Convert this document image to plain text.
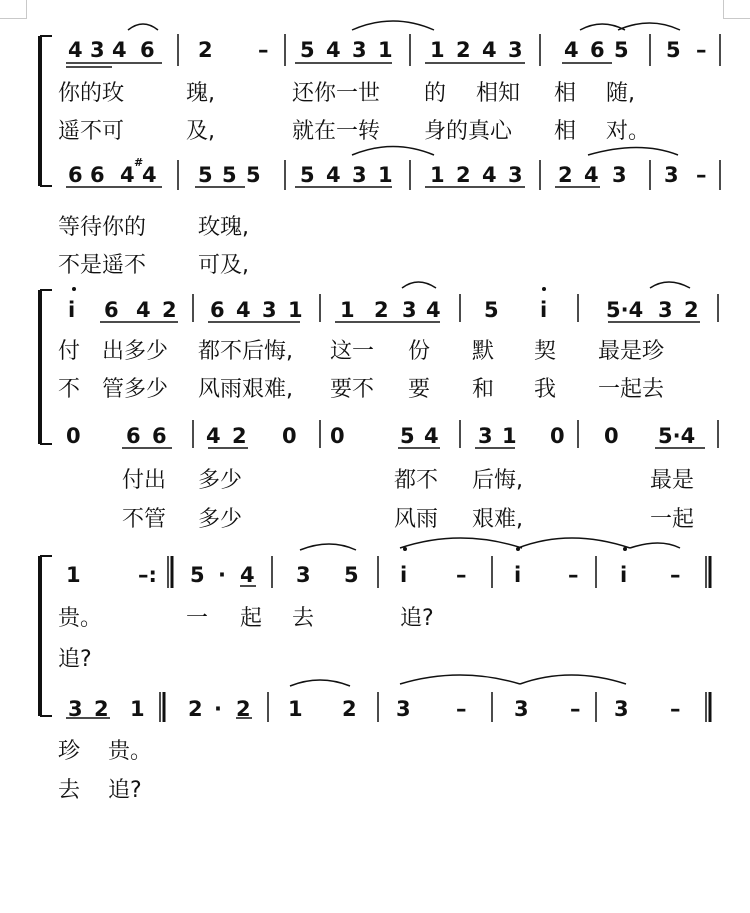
4 3 4 6 2 – 5 4 3 1 1 2 4 3 4 6 5 5 –
你的玫	瑰,	还你一世 的 相知 相 随,
遥不可	及,	就在一转 身的真心 相 对。
6 6 4 4 5 5 5 5 4 3 1 1 2 4 3 2 4 3 3 –
#
等待你的 玫瑰,
不是遥不 可及,
i 6 4 2 6 4 3 1 1 2 3 4 5 i	5·4 3 2
付 出多少 都不后悔, 这一 份 默 契 最是珍
不 管多少 风雨艰难, 要不 要 和 我 一起去
0 6 6 4 2 0 0	5 4 3 1 0 0 5·4
付出 多少	都不 后悔,	最是
不管 多少	风雨 艰难,	一起
1	–: 5 · 4 3 5 i – i – i –
贵。	一 起 去	追?
追?
3 2 1 2 · 2 1 2 3 – 3 – 3 –
珍 贵。
去 追?
